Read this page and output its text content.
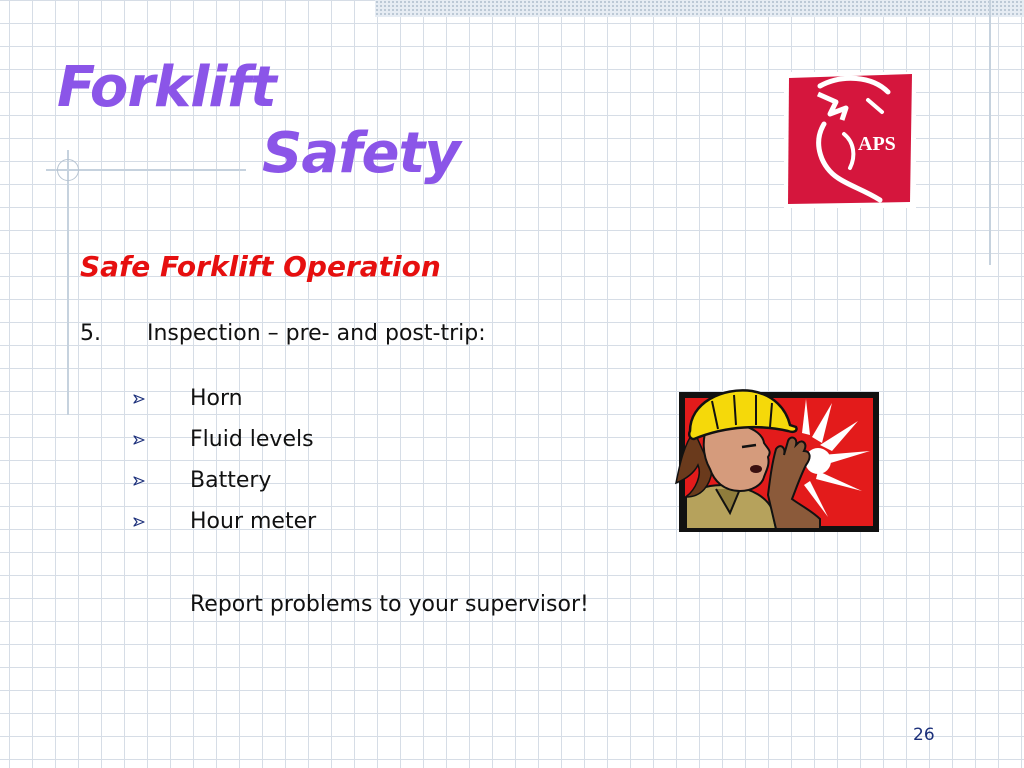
Forklift
Safety	APS
Safe Forklift Operation
5. Inspection – pre- and post-trip:
Horn
Fluid levels
Battery
Hour meter
Report problems to your supervisor!
26
